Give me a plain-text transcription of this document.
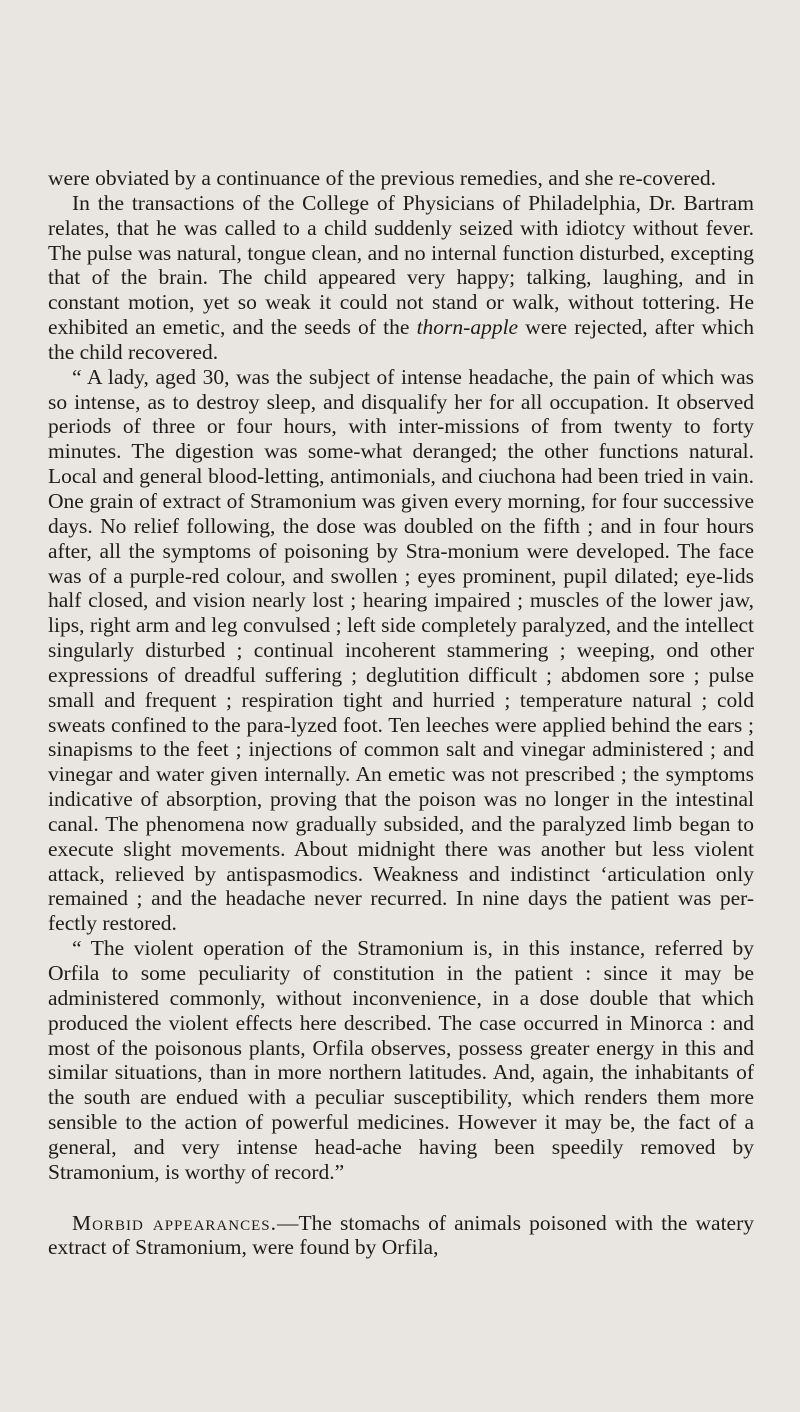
were obviated by a continuance of the previous remedies, and she re-covered.

In the transactions of the College of Physicians of Philadelphia, Dr. Bartram relates, that he was called to a child suddenly seized with idiotcy without fever. The pulse was natural, tongue clean, and no internal function disturbed, excepting that of the brain. The child appeared very happy; talking, laughing, and in constant motion, yet so weak it could not stand or walk, without tottering. He exhibited an emetic, and the seeds of the thorn-apple were rejected, after which the child recovered.

“ A lady, aged 30, was the subject of intense headache, the pain of which was so intense, as to destroy sleep, and disqualify her for all occupation. It observed periods of three or four hours, with inter-missions of from twenty to forty minutes. The digestion was some-what deranged; the other functions natural. Local and general blood-letting, antimonials, and ciuchona had been tried in vain. One grain of extract of Stramonium was given every morning, for four successive days. No relief following, the dose was doubled on the fifth ; and in four hours after, all the symptoms of poisoning by Stra-monium were developed. The face was of a purple-red colour, and swollen ; eyes prominent, pupil dilated; eye-lids half closed, and vision nearly lost ; hearing impaired ; muscles of the lower jaw, lips, right arm and leg convulsed ; left side completely paralyzed, and the intellect singularly disturbed ; continual incoherent stammering ; weeping, ond other expressions of dreadful suffering ; deglutition difficult ; abdomen sore ; pulse small and frequent ; respiration tight and hurried ; temperature natural ; cold sweats confined to the para-lyzed foot. Ten leeches were applied behind the ears ; sinapisms to the feet ; injections of common salt and vinegar administered ; and vinegar and water given internally. An emetic was not prescribed ; the symptoms indicative of absorption, proving that the poison was no longer in the intestinal canal. The phenomena now gradually subsided, and the paralyzed limb began to execute slight movements. About midnight there was another but less violent attack, relieved by antispasmodics. Weakness and indistinct ‘articulation only remained ; and the headache never recurred. In nine days the patient was per-fectly restored.

“ The violent operation of the Stramonium is, in this instance, referred by Orfila to some peculiarity of constitution in the patient : since it may be administered commonly, without inconvenience, in a dose double that which produced the violent effects here described. The case occurred in Minorca : and most of the poisonous plants, Orfila observes, possess greater energy in this and similar situations, than in more northern latitudes. And, again, the inhabitants of the south are endued with a peculiar susceptibility, which renders them more sensible to the action of powerful medicines. However it may be, the fact of a general, and very intense head-ache having been speedily removed by Stramonium, is worthy of record.”

Morbid appearances.—The stomachs of animals poisoned with the watery extract of Stramonium, were found by Orfila,
